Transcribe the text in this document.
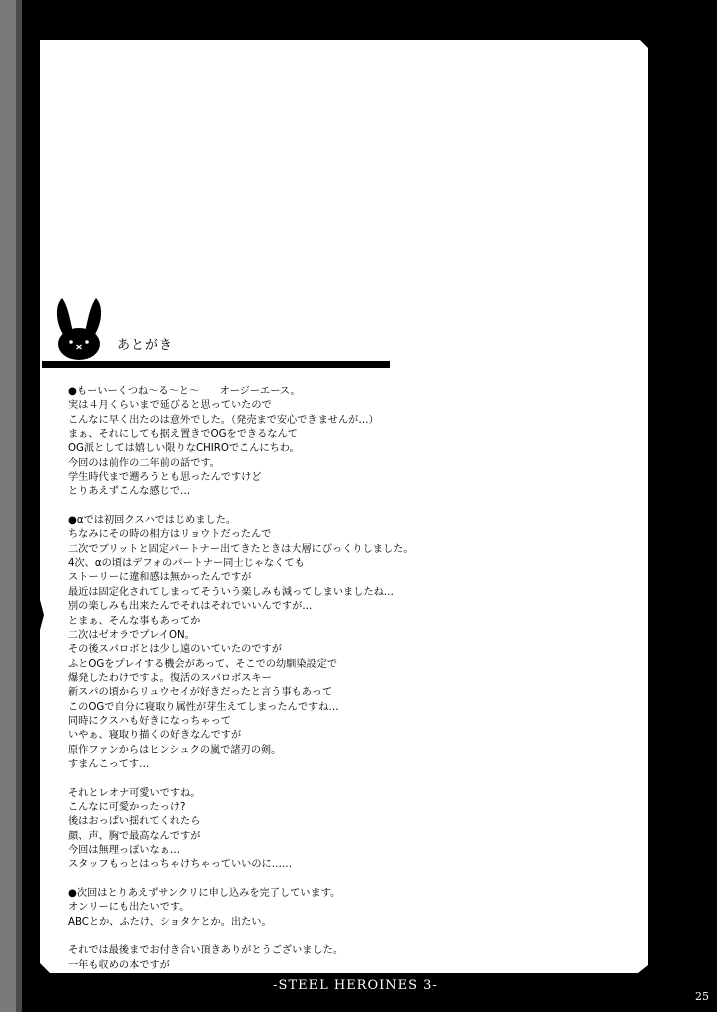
あとがき
●もーいーくつね〜る〜と〜　　オージーエース。
実は４月くらいまで延びると思っていたので
こんなに早く出たのは意外でした。（発売まで安心できませんが…）
まぁ、それにしても据え置きでOGをできるなんて
OG派としては嬉しい限りなCHIROでこんにちわ。
今回のは前作の二年前の話です。
学生時代まで遡ろうとも思ったんですけど
とりあえずこんな感じで…
●αでは初回クスハではじめました。
ちなみにその時の相方はリョウトだったんで
二次でブリットと固定パートナー出てきたときは大層にびっくりしました。
4次、αの頃はデフォのパートナー同士じゃなくても
ストーリーに違和感は無かったんですが
最近は固定化されてしまってそういう楽しみも減ってしまいましたね…
別の楽しみも出来たんでそれはそれでいいんですが…
とまぁ、そんな事もあってか
二次はゼオラでプレイON。
その後スパロボとは少し遠のいていたのですが
ふとOGをプレイする機会があって、そこでの幼馴染設定で
爆発したわけですよ。復活のスパロボスキー
新スパの頃からリュウセイが好きだったと言う事もあって
このOGで自分に寝取り属性が芽生えてしまったんですね…
同時にクスハも好きになっちゃって
いやぁ、寝取り描くの好きなんですが
原作ファンからはヒンシュクの嵐で諸刃の剣。
すまんこってす…
それとレオナ可愛いですね。
こんなに可愛かったっけ?
後はおっぱい揺れてくれたら
顔、声、胸で最高なんですが
今回は無理っぽいなぁ…
スタッフもっとはっちゃけちゃっていいのに……
●次回はとりあえずサンクリに申し込みを完了しています。
オンリーにも出たいです。
ABCとか、ふたけ、ショタケとか。出たい。
それでは最後までお付き合い頂きありがとうございました。
一年も収めの本ですが
来年は今年以上に上手く描けるように…
おっぱお (ﾟ∀ﾟ)
-STEEL HEROINES 3-
25
